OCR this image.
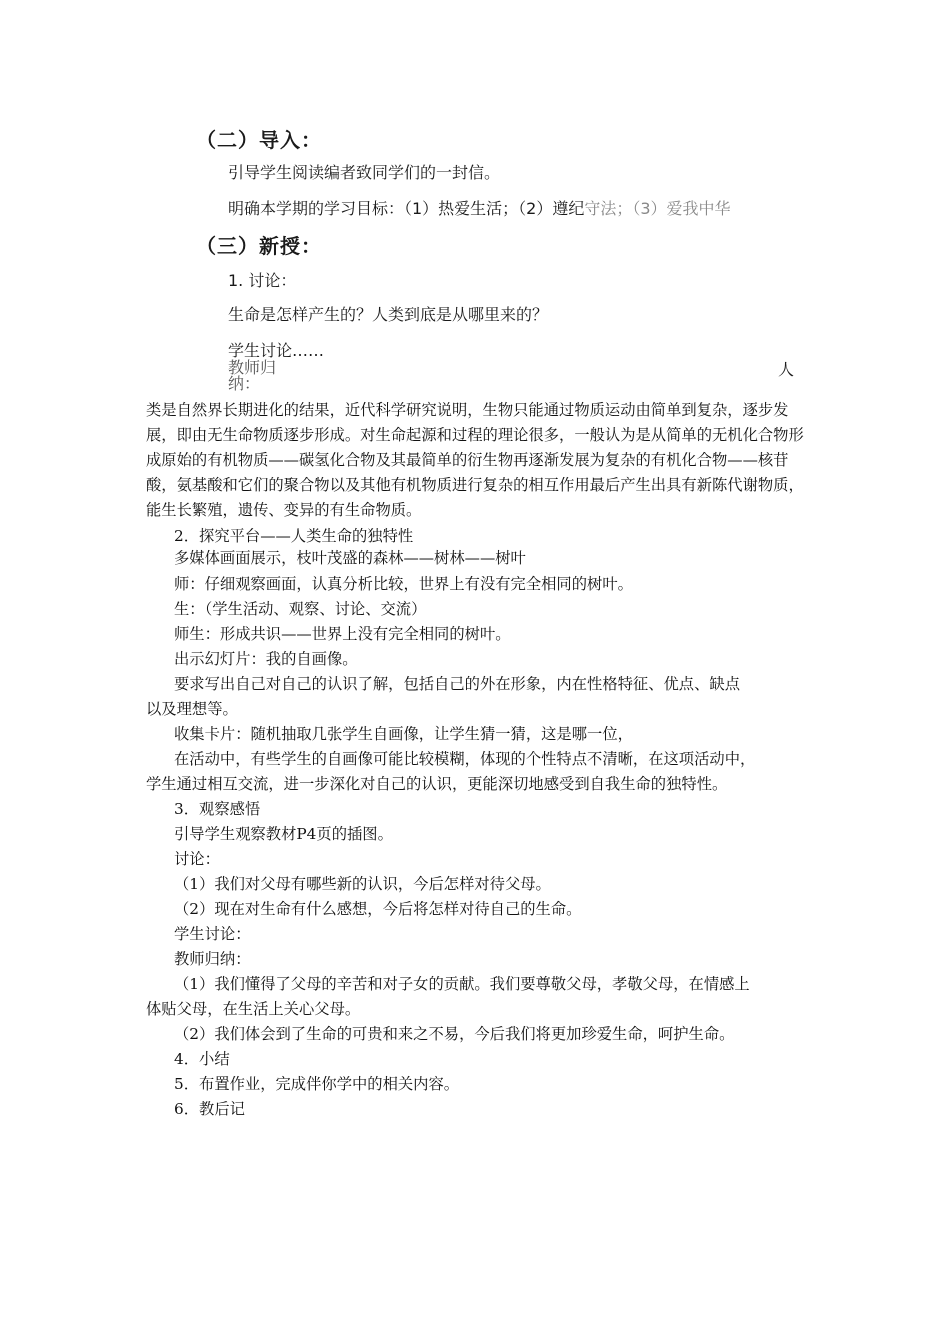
（二）导入：
引导学生阅读编者致同学们的一封信。
明确本学期的学习目标：（1）热爱生活；（2）遵纪守法；（3）爱我中华
（三）新授：
1. 讨论：
生命是怎样产生的？人类到底是从哪里来的？
学生讨论……
教师归纳：
人
类是自然界长期进化的结果，近代科学研究说明，生物只能通过物质运动由简单到复杂，逐步发展，即由无生命物质逐步形成。对生命起源和过程的理论很多，一般认为是从简单的无机化合物形成原始的有机物质——碳氢化合物及其最简单的衍生物再逐渐发展为复杂的有机化合物——核苷酸，氨基酸和它们的聚合物以及其他有机物质进行复杂的相互作用最后产生出具有新陈代谢物质，能生长繁殖，遗传、变异的有生命物质。
2．探究平台——人类生命的独特性
多媒体画面展示，枝叶茂盛的森林——树林——树叶
师：仔细观察画面，认真分析比较，世界上有没有完全相同的树叶。
生：（学生活动、观察、讨论、交流）
师生：形成共识——世界上没有完全相同的树叶。
出示幻灯片：我的自画像。
要求写出自己对自己的认识了解，包括自己的外在形象，内在性格特征、优点、缺点
以及理想等。
收集卡片：随机抽取几张学生自画像，让学生猜一猜，这是哪一位，
在活动中，有些学生的自画像可能比较模糊，体现的个性特点不清晰，在这项活动中，
学生通过相互交流，进一步深化对自己的认识，更能深切地感受到自我生命的独特性。
3．观察感悟
引导学生观察教材P4页的插图。
讨论：
（1）我们对父母有哪些新的认识，今后怎样对待父母。
（2）现在对生命有什么感想，今后将怎样对待自己的生命。
学生讨论：
教师归纳：
（1）我们懂得了父母的辛苦和对子女的贡献。我们要尊敬父母，孝敬父母，在情感上
体贴父母，在生活上关心父母。
（2）我们体会到了生命的可贵和来之不易，今后我们将更加珍爱生命，呵护生命。
4．小结
5．布置作业，完成伴你学中的相关内容。
6．教后记
